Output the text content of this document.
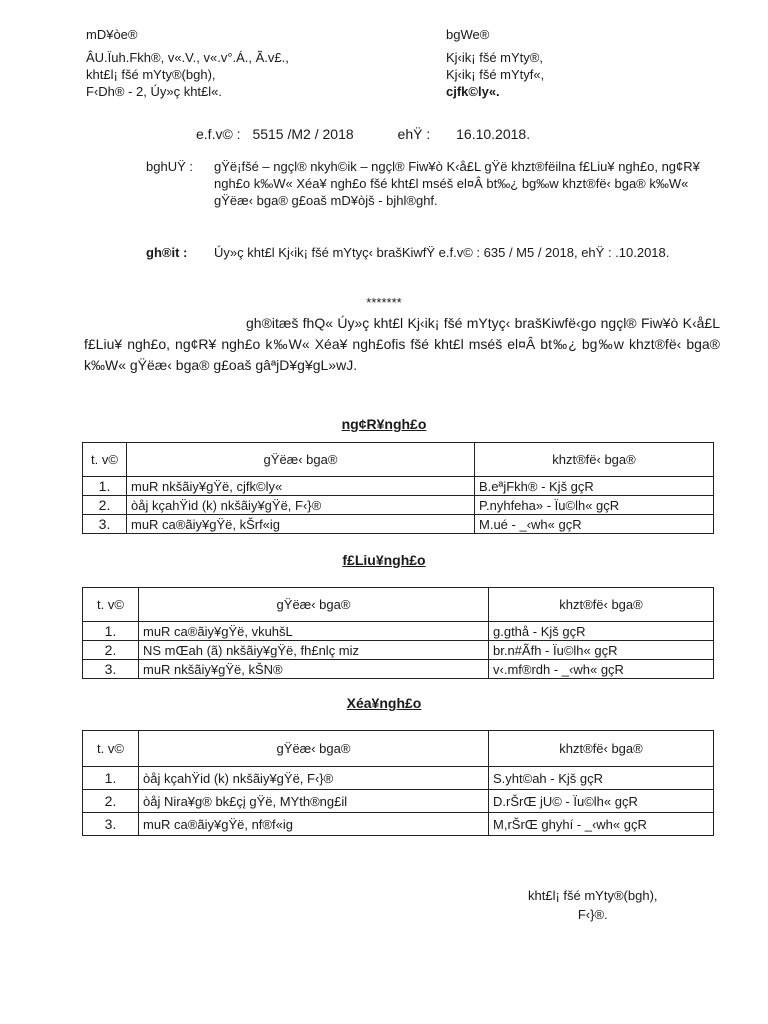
mD¥òe®
ÂU.Ïuh.Fkh®, v«.V., v«.v°.Á., Ã.v£.,
kht£l¡ fšé mYty®(bgh),
F‹Dh® - 2, Úy»ç kht£l«.
bgWe®
Kj‹ik¡ fšé mYty®,
Kj‹ik¡ fšé mYtyf«,
cjfk©ly«.
e.f.v© : 5515 /M2 / 2018	ehŸ : 16.10.2018.
bghUŸ : gŸë¡fšé – ngçl® nkyh©ik – ngçl® Fiw¥ò K‹å£L gŸë khzt®fëilna f£Liu¥ ngh£o, ng¢R¥ ngh£o k‰W« Xéa¥ ngh£o fšé kht£l mséš el¤Â bt‰¿ bg‰w khzt®fë‹ bga® k‰W« gŸëæ‹ bga® g£oaš mD¥òjš - bjhl®ghf.
gh®it : Úy»ç kht£l Kj‹ik¡ fšé mYtyç‹ brašKiwfŸ e.f.v© : 635 / M5 / 2018, ehŸ : .10.2018.
*******
gh®itæš fhQ« Úy»ç kht£l Kj‹ik¡ fšé mYtyç‹ brašKiwfë‹go ngçl® Fiw¥ò K‹å£L f£Liu¥ ngh£o, ng¢R¥ ngh£o k‰W« Xéa¥ ngh£ofis fšé kht£l mséš el¤Â bt‰¿ bg‰w khzt®fë‹ bga® k‰W« gŸëæ‹ bga® g£oaš gâªjD¥g¥gL»wJ.
ng¢R¥ngh£o
t. v©	gŸëæ‹ bga®	khzt®fë‹ bga®
1.	muR nkšãiy¥gŸë, cjfk©ly«	B.eªjFkh® - Kjš gçR
2.	òåj kçahŸid (k) nkšãiy¥gŸë, F‹}®	P.nyhfeha» - Ïu©lh« gçR
3.	muR ca®ãiy¥gŸë, kŠrf«ig	M.ué - _‹wh« gçR
f£Liu¥ngh£o
t. v©	gŸëæ‹ bga®	khzt®fë‹ bga®
1.	muR ca®ãiy¥gŸë, vkuhšL	g.gthå - Kjš gçR
2.	NS mŒah (ã) nkšãiy¥gŸë, fh£nlç miz	br.n#Ãfh - Ïu©lh« gçR
3.	muR nkšãiy¥gŸë, kŠN®	v‹.mf®rdh - _‹wh« gçR
Xéa¥ngh£o
t. v©	gŸëæ‹ bga®	khzt®fë‹ bga®
1.	òåj kçahŸid (k) nkšãiy¥gŸë, F‹}®	S.yht©ah - Kjš gçR
2.	òåj Nira¥g® bk£çį gŸë, MYth®ng£il	D.rŠrŒ jU© - Ïu©lh« gçR
3.	muR ca®ãiy¥gŸë, nf®f«ig	M,rŠrŒ ghyhí - _‹wh« gçR
kht£l¡ fšé mYty®(bgh),
F‹}®.
